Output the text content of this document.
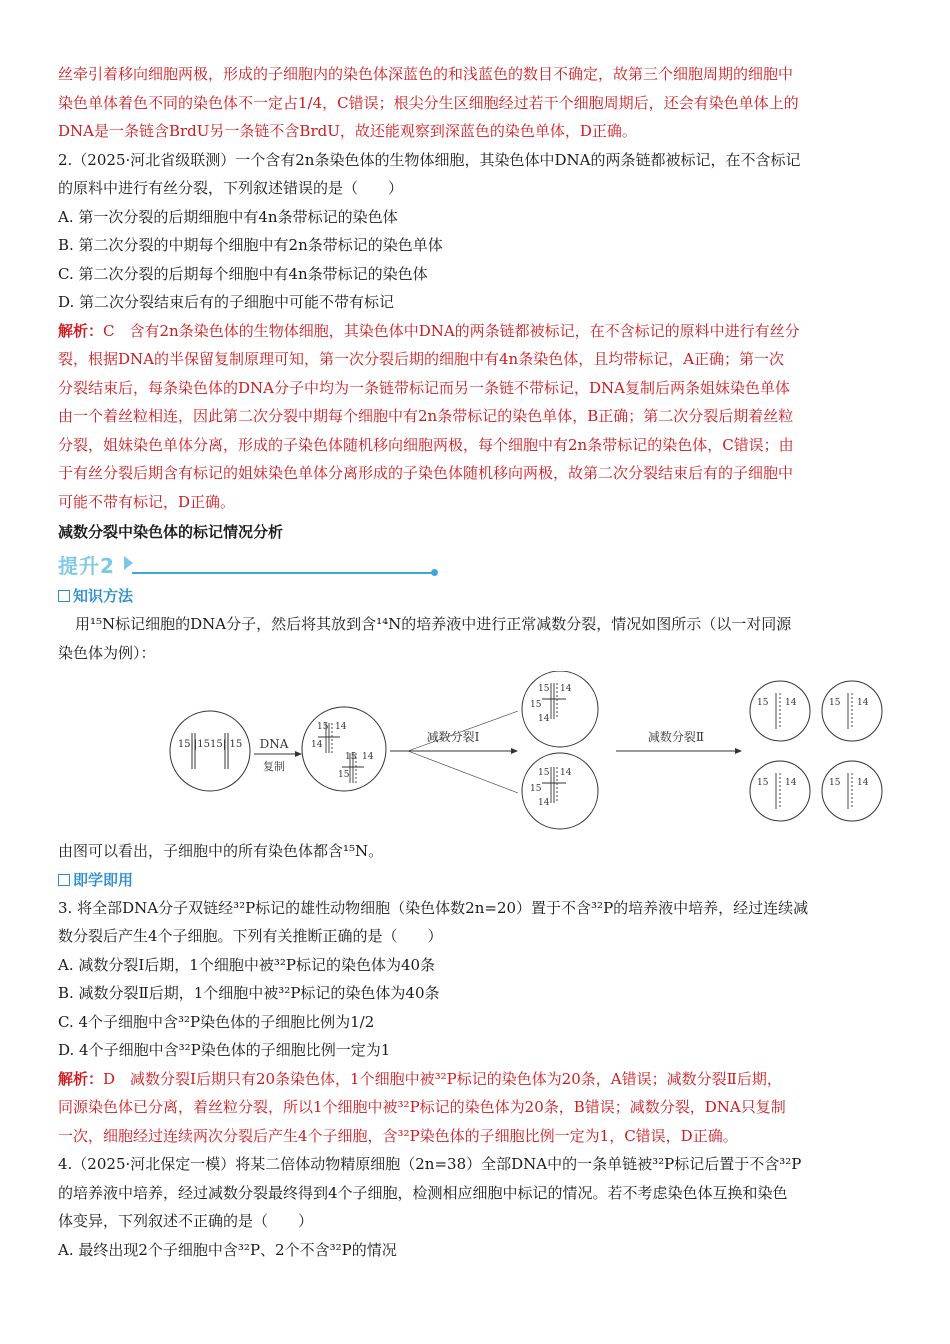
丝牵引着移向细胞两极，形成的子细胞内的染色体深蓝色的和浅蓝色的数目不确定，故第三个细胞周期的细胞中
染色单体着色不同的染色体不一定占1/4，C错误；根尖分生区细胞经过若干个细胞周期后，还会有染色单体上的
DNA是一条链含BrdU另一条链不含BrdU，故还能观察到深蓝色的染色单体，D正确。
2.（2025·河北省级联测）一个含有2n条染色体的生物体细胞，其染色体中DNA的两条链都被标记，在不含标记
的原料中进行有丝分裂，下列叙述错误的是（　　）
A. 第一次分裂的后期细胞中有4n条带标记的染色体
B. 第二次分裂的中期每个细胞中有2n条带标记的染色单体
C. 第二次分裂的后期每个细胞中有4n条带标记的染色体
D. 第二次分裂结束后有的子细胞中可能不带有标记
解析：C　含有2n条染色体的生物体细胞，其染色体中DNA的两条链都被标记，在不含标记的原料中进行有丝分
裂，根据DNA的半保留复制原理可知，第一次分裂后期的细胞中有4n条染色体，且均带标记，A正确；第一次
分裂结束后，每条染色体的DNA分子中均为一条链带标记而另一条链不带标记，DNA复制后两条姐妹染色单体
由一个着丝粒相连，因此第二次分裂中期每个细胞中有2n条带标记的染色单体，B正确；第二次分裂后期着丝粒
分裂，姐妹染色单体分离，形成的子染色体随机移向细胞两极，每个细胞中有2n条带标记的染色体，C错误；由
于有丝分裂后期含有标记的姐妹染色单体分离形成的子染色体随机移向两极，故第二次分裂结束后有的子细胞中
可能不带有标记，D正确。
减数分裂中染色体的标记情况分析
提升2
知识方法
用¹⁵N标记细胞的DNA分子，然后将其放到含¹⁴N的培养液中进行正常减数分裂，情况如图所示（以一对同源
染色体为例）：
15||1515||15 DNA
复制
15 14
14
15 14
15
减数分裂Ⅰ
15 14
15
14
15 14
15
14
减数分裂Ⅱ
15 14	15 14
15 14	15 14
由图可以看出，子细胞中的所有染色体都含¹⁵N。
即学即用
3. 将全部DNA分子双链经³²P标记的雄性动物细胞（染色体数2n=20）置于不含³²P的培养液中培养，经过连续减
数分裂后产生4个子细胞。下列有关推断正确的是（　　）
A. 减数分裂Ⅰ后期，1个细胞中被³²P标记的染色体为40条
B. 减数分裂Ⅱ后期，1个细胞中被³²P标记的染色体为40条
C. 4个子细胞中含³²P染色体的子细胞比例为1/2
D. 4个子细胞中含³²P染色体的子细胞比例一定为1
解析：D　减数分裂Ⅰ后期只有20条染色体，1个细胞中被³²P标记的染色体为20条，A错误；减数分裂Ⅱ后期，
同源染色体已分离，着丝粒分裂，所以1个细胞中被³²P标记的染色体为20条，B错误；减数分裂，DNA只复制
一次，细胞经过连续两次分裂后产生4个子细胞，含³²P染色体的子细胞比例一定为1，C错误，D正确。
4.（2025·河北保定一模）将某二倍体动物精原细胞（2n=38）全部DNA中的一条单链被³²P标记后置于不含³²P
的培养液中培养，经过减数分裂最终得到4个子细胞，检测相应细胞中标记的情况。若不考虑染色体互换和染色
体变异，下列叙述不正确的是（　　）
A. 最终出现2个子细胞中含³²P、2个不含³²P的情况
